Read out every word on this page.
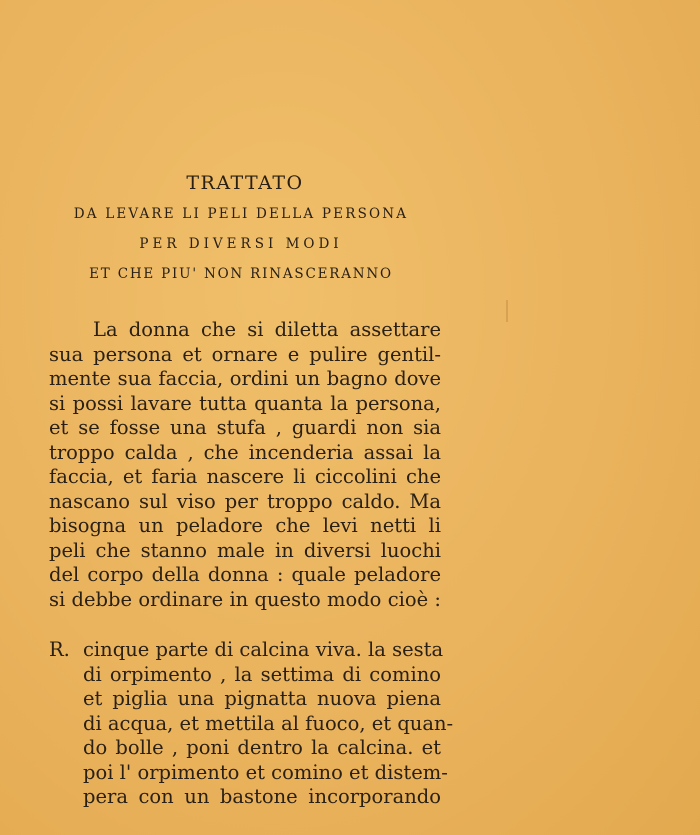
TRATTATO
DA LEVARE LI PELI DELLA PERSONA
PER DIVERSI MODI
ET CHE PIU' NON RINASCERANNO
La donna che si diletta assettare
sua persona et ornare e pulire gentil-
mente sua faccia, ordini un bagno dove
si possi lavare tutta quanta la persona,
et se fosse una stufa , guardi non sia
troppo calda , che incenderia assai la
faccia, et faria nascere li ciccolini che
nascano sul viso per troppo caldo. Ma
bisogna un peladore che levi netti li
peli che stanno male in diversi luochi
del corpo della donna : quale peladore
si debbe ordinare in questo modo cioè :
R. cinque parte di calcina viva. la sesta
di orpimento , la settima di comino
et piglia una pignatta nuova piena
di acqua, et mettila al fuoco, et quan-
do bolle , poni dentro la calcina. et
poi l' orpimento et comino et distem-
pera con un bastone incorporando
